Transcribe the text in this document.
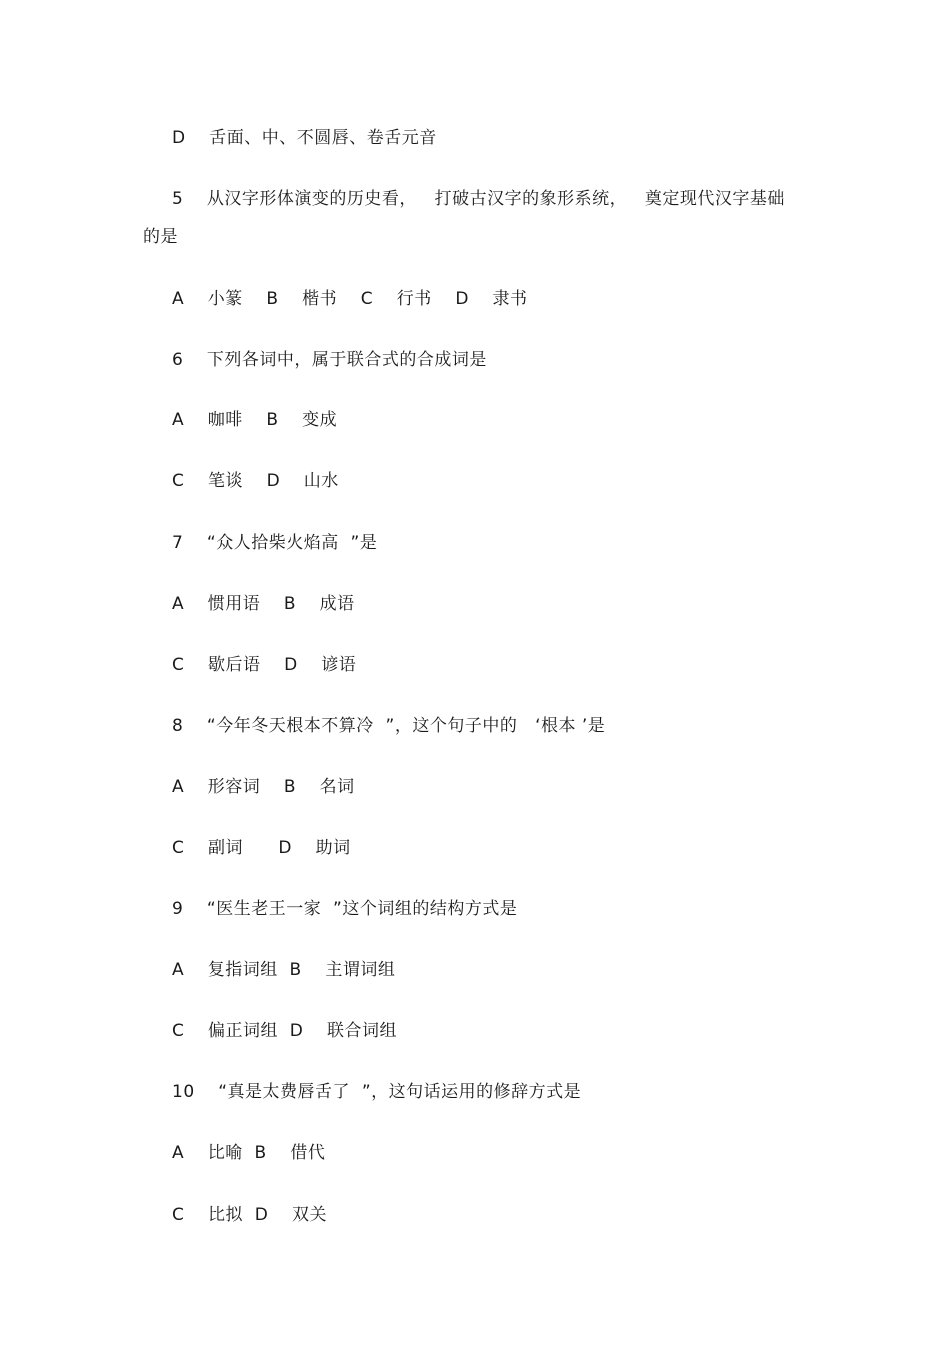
D    舌面、中、不圆唇、卷舌元音
5    从汉字形体演变的历史看，   打破古汉字的象形系统，   奠定现代汉字基础
的是
A    小篆    B    楷书    C    行书    D    隶书
6    下列各词中，属于联合式的合成词是
A    咖啡    B    变成
C    笔谈    D    山水
7    “众人拾柴火焰高  ”是
A    惯用语    B    成语
C    歇后语    D    谚语
8    “今年冬天根本不算冷  ”，这个句子中的   ‘根本 ’是
A    形容词    B    名词
C    副词      D    助词
9    “医生老王一家  ”这个词组的结构方式是
A    复指词组  B    主谓词组
C    偏正词组  D    联合词组
10    “真是太费唇舌了  ”，这句话运用的修辞方式是
A    比喻  B    借代
C    比拟  D    双关
